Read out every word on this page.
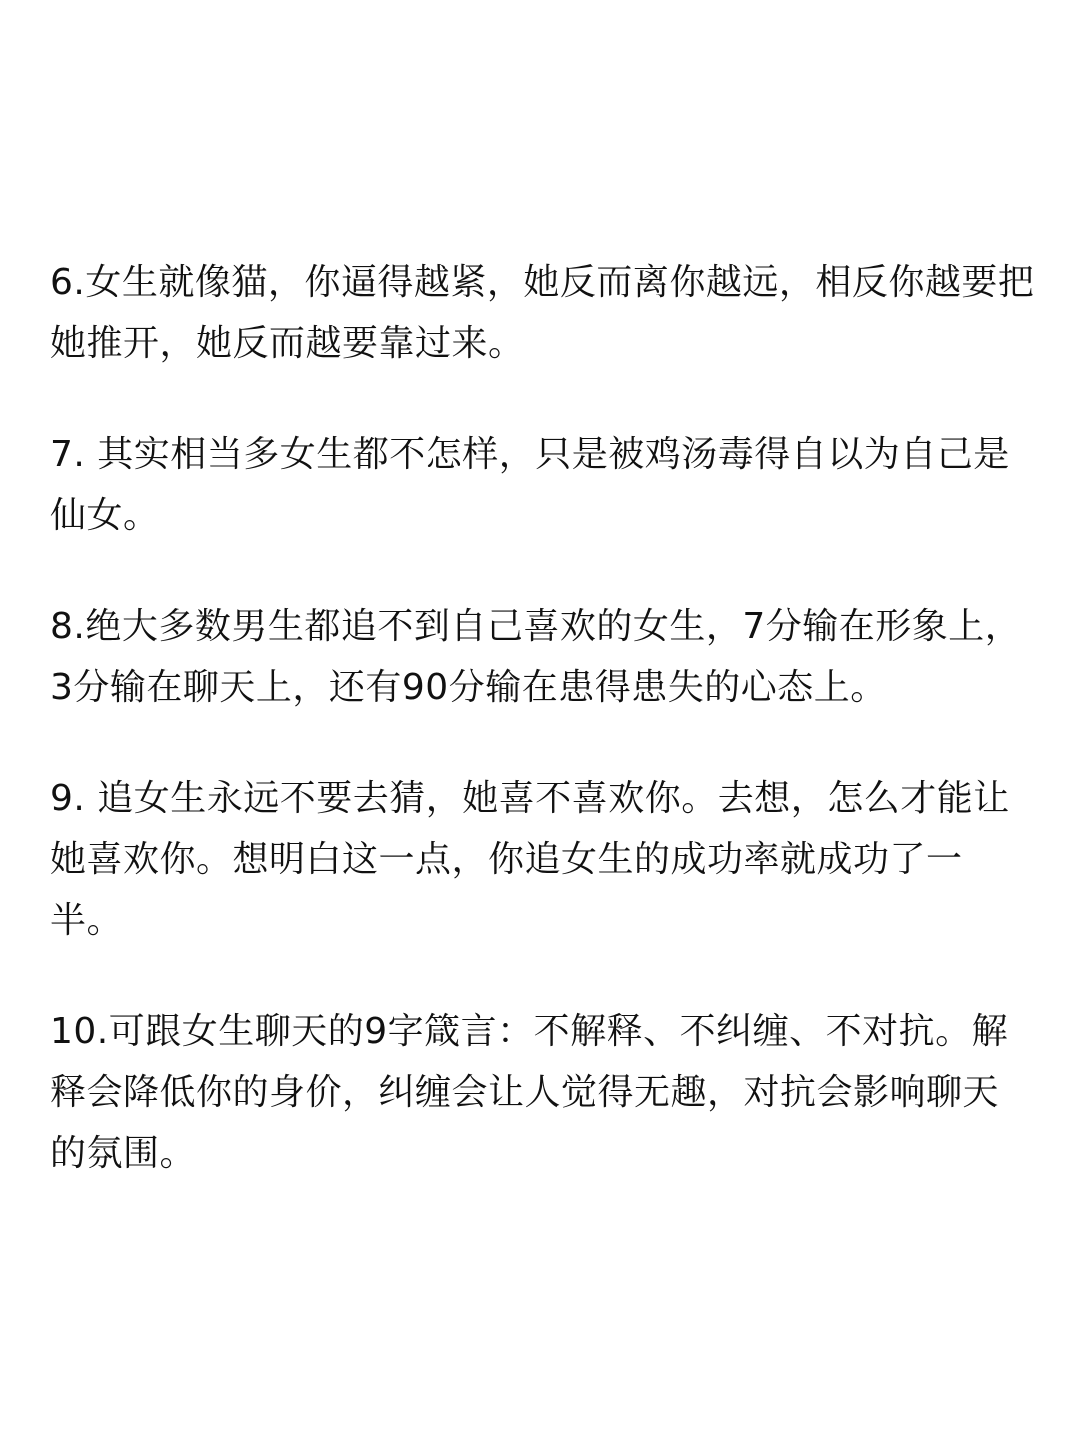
6.女生就像猫，你逼得越紧，她反而离你越远，相反你越要把她推开，她反而越要靠过来。

7. 其实相当多女生都不怎样，只是被鸡汤毒得自以为自己是仙女。

8.绝大多数男生都追不到自己喜欢的女生，7分输在形象上，3分输在聊天上，还有90分输在患得患失的心态上。

9. 追女生永远不要去猜，她喜不喜欢你。去想，怎么才能让她喜欢你。想明白这一点，你追女生的成功率就成功了一半。

10.可跟女生聊天的9字箴言：不解释、不纠缠、不对抗。解释会降低你的身价，纠缠会让人觉得无趣，对抗会影响聊天的氛围。
